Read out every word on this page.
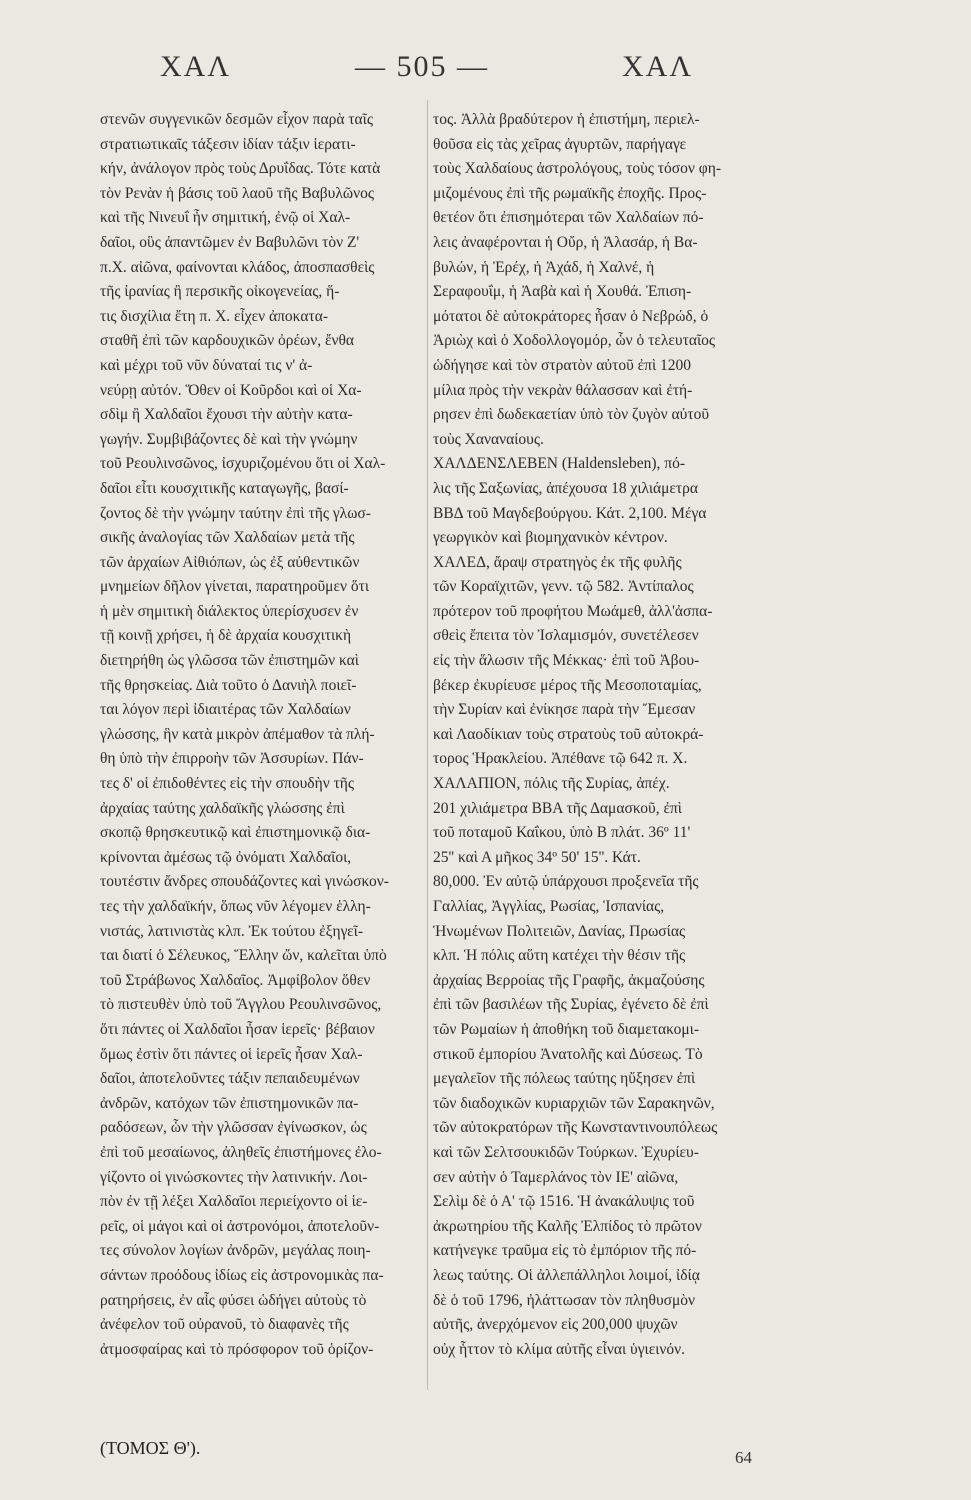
ΧΑΛ	— 505 —	ΧΑΛ
στενῶν συγγενικῶν δεσμῶν εἶχον παρὰ ταῖς
στρατιωτικαῖς τάξεσιν ἰδίαν τάξιν ἱερατι-
κήν, ἀνάλογον πρὸς τοὺς Δρυΐδας. Τότε κατὰ
τὸν Ρενὰν ἡ βάσις τοῦ λαοῦ τῆς Βαβυλῶνος
καὶ τῆς Νινευΐ ἦν σημιτική, ἐνῷ οἱ Χαλ-
δαῖοι, οὓς ἀπαντῶμεν ἐν Βαβυλῶνι τὸν Ζ'
π.Χ. αἰῶνα, φαίνονται κλάδος, ἀποσπασθεὶς
τῆς ἰρανίας ἢ περσικῆς οἰκογενείας, ἥ-
τις δισχίλια ἔτη π. Χ. εἶχεν ἀποκατα-
σταθῆ ἐπὶ τῶν καρδουχικῶν ὀρέων, ἔνθα
καὶ μέχρι τοῦ νῦν δύναταί τις ν' ἀ-
νεύρῃ αὐτόν. Ὅθεν οἱ Κοῦρδοι καὶ οἱ Χα-
σδὶμ ἢ Χαλδαῖοι ἔχουσι τὴν αὐτὴν κατα-
γωγήν. Συμβιβάζοντες δὲ καὶ τὴν γνώμην
τοῦ Ρεουλινσῶνος, ἰσχυριζομένου ὅτι οἱ Χαλ-
δαῖοι εἶτι κουσχιτικῆς καταγωγῆς, βασί-
ζοντος δὲ τὴν γνώμην ταύτην ἐπὶ τῆς γλωσ-
σικῆς ἀναλογίας τῶν Χαλδαίων μετὰ τῆς
τῶν ἀρχαίων Αἰθιόπων, ὡς ἐξ αὐθεντικῶν
μνημείων δῆλον γίνεται, παρατηροῦμεν ὅτι
ἡ μὲν σημιτικὴ διάλεκτος ὑπερίσχυσεν ἐν
τῇ κοινῇ χρήσει, ἡ δὲ ἀρχαία κουσχιτικὴ
διετηρήθη ὡς γλῶσσα τῶν ἐπιστημῶν καὶ
τῆς θρησκείας. Διὰ τοῦτο ὁ Δανιὴλ ποιεῖ-
ται λόγον περὶ ἰδιαιτέρας τῶν Χαλδαίων
γλώσσης, ἣν κατὰ μικρὸν ἀπέμαθον τὰ πλή-
θη ὑπὸ τὴν ἐπιρροὴν τῶν Ἀσσυρίων. Πάν-
τες δ' οἱ ἐπιδοθέντες εἰς τὴν σπουδὴν τῆς
ἀρχαίας ταύτης χαλδαϊκῆς γλώσσης ἐπὶ
σκοπῷ θρησκευτικῷ καὶ ἐπιστημονικῷ δια-
κρίνονται ἀμέσως τῷ ὀνόματι Χαλδαῖοι,
τουτέστιν ἄνδρες σπουδάζοντες καὶ γινώσκον-
τες τὴν χαλδαϊκήν, ὅπως νῦν λέγομεν ἑλλη-
νιστάς, λατινιστὰς κλπ. Ἐκ τούτου ἐξηγεῖ-
ται διατί ὁ Σέλευκος, Ἕλλην ὤν, καλεῖται ὑπὸ
τοῦ Στράβωνος Χαλδαῖος. Ἀμφίβολον ὅθεν
τὸ πιστευθὲν ὑπὸ τοῦ Ἄγγλου Ρεουλινσῶνος,
ὅτι πάντες οἱ Χαλδαῖοι ἦσαν ἱερεῖς· βέβαιον
ὅμως ἐστὶν ὅτι πάντες οἱ ἱερεῖς ἦσαν Χαλ-
δαῖοι, ἀποτελοῦντες τάξιν πεπαιδευμένων
ἀνδρῶν, κατόχων τῶν ἐπιστημονικῶν πα-
ραδόσεων, ὧν τὴν γλῶσσαν ἐγίνωσκον, ὡς
ἐπὶ τοῦ μεσαίωνος, ἀληθεῖς ἐπιστήμονες ἐλο-
γίζοντο οἱ γινώσκοντες τὴν λατινικήν. Λοι-
πὸν ἐν τῇ λέξει Χαλδαῖοι περιείχοντο οἱ ἱε-
ρεῖς, οἱ μάγοι καὶ οἱ ἀστρονόμοι, ἀποτελοῦν-
τες σύνολον λογίων ἀνδρῶν, μεγάλας ποιη-
σάντων προόδους ἰδίως εἰς ἀστρονομικὰς πα-
ρατηρήσεις, ἐν αἷς φύσει ὡδήγει αὐτοὺς τὸ
ἀνέφελον τοῦ οὐρανοῦ, τὸ διαφανὲς τῆς
ἀτμοσφαίρας καὶ τὸ πρόσφορον τοῦ ὁρίζον-
τος. Ἀλλὰ βραδύτερον ἡ ἐπιστήμη, περιελ-
θοῦσα εἰς τὰς χεῖρας ἀγυρτῶν, παρήγαγε
τοὺς Χαλδαίους ἀστρολόγους, τοὺς τόσον φη-
μιζομένους ἐπὶ τῆς ρωμαϊκῆς ἐποχῆς. Προς-
θετέον ὅτι ἐπισημότεραι τῶν Χαλδαίων πό-
λεις ἀναφέρονται ἡ Οὔρ, ἡ Ἀλασάρ, ἡ Βα-
βυλών, ἡ Ἐρέχ, ἡ Ἀχάδ, ἡ Χαλνέ, ἡ
Σεραφουΐμ, ἡ Ἀαβὰ καὶ ἡ Χουθά. Ἐπιση-
μότατοι δὲ αὐτοκράτορες ἦσαν ὁ Νεβρώδ, ὁ
Ἀριὼχ καὶ ὁ Χοδολλογομόρ, ὧν ὁ τελευταῖος
ὡδήγησε καὶ τὸν στρατὸν αὐτοῦ ἐπὶ 1200
μίλια πρὸς τὴν νεκρὰν θάλασσαν καὶ ἐτή-
ρησεν ἐπὶ δωδεκαετίαν ὑπὸ τὸν ζυγὸν αὐτοῦ
τοὺς Χαναναίους.
ΧΑΛΔΕΝΣΛΕΒΕΝ (Haldensleben), πό-
λις τῆς Σαξωνίας, ἀπέχουσα 18 χιλιάμετρα
ΒΒΔ τοῦ Μαγδεβούργου. Κάτ. 2,100. Μέγα
γεωργικὸν καὶ βιομηχανικὸν κέντρον.
ΧΑΛΕΔ, ἄραψ στρατηγὸς ἐκ τῆς φυλῆς
τῶν Κοραϊχιτῶν, γενν. τῷ 582. Ἀντίπαλος
πρότερον τοῦ προφήτου Μωάμεθ, ἀλλ'ἀσπα-
σθεὶς ἔπειτα τὸν Ἰσλαμισμόν, συνετέλεσεν
εἰς τὴν ἅλωσιν τῆς Μέκκας· ἐπὶ τοῦ Ἀβου-
βέκερ ἐκυρίευσε μέρος τῆς Μεσοποταμίας,
τὴν Συρίαν καὶ ἐνίκησε παρὰ τὴν Ἔμεσαν
καὶ Λαοδίκιαν τοὺς στρατοὺς τοῦ αὐτοκρά-
τορος Ἡρακλείου. Ἀπέθανε τῷ 642 π. Χ.
ΧΑΛΑΠΙΟΝ, πόλις τῆς Συρίας, ἀπέχ.
201 χιλιάμετρα ΒΒΑ τῆς Δαμασκοῦ, ἐπὶ
τοῦ ποταμοῦ Καΐκου, ὑπὸ Β πλάτ. 36º 11'
25'' καὶ Α μῆκος 34º 50' 15''. Κάτ.
80,000. Ἐν αὐτῷ ὑπάρχουσι προξενεῖα τῆς
Γαλλίας, Ἀγγλίας, Ρωσίας, Ἱσπανίας,
Ἡνωμένων Πολιτειῶν, Δανίας, Πρωσίας
κλπ. Ἡ πόλις αὕτη κατέχει τὴν θέσιν τῆς
ἀρχαίας Βερροίας τῆς Γραφῆς, ἀκμαζούσης
ἐπὶ τῶν βασιλέων τῆς Συρίας, ἐγένετο δὲ ἐπὶ
τῶν Ρωμαίων ἡ ἀποθήκη τοῦ διαμετακομι-
στικοῦ ἐμπορίου Ἀνατολῆς καὶ Δύσεως. Τὸ
μεγαλεῖον τῆς πόλεως ταύτης ηὔξησεν ἐπὶ
τῶν διαδοχικῶν κυριαρχιῶν τῶν Σαρακηνῶν,
τῶν αὐτοκρατόρων τῆς Κωνσταντινουπόλεως
καὶ τῶν Σελτσουκιδῶν Τούρκων. Ἐχυρίευ-
σεν αὐτὴν ὁ Ταμερλάνος τὸν ΙΕ' αἰῶνα,
Σελὶμ δὲ ὁ Α' τῷ 1516. Ἡ ἀνακάλυψις τοῦ
ἀκρωτηρίου τῆς Καλῆς Ἐλπίδος τὸ πρῶτον
κατήνεγκε τραῦμα εἰς τὸ ἐμπόριον τῆς πό-
λεως ταύτης. Οἱ ἀλλεπάλληλοι λοιμοί, ἰδίᾳ
δὲ ὁ τοῦ 1796, ἠλάττωσαν τὸν πληθυσμὸν
αὐτῆς, ἀνερχόμενον εἰς 200,000 ψυχῶν
οὐχ ἧττον τὸ κλίμα αὐτῆς εἶναι ὑγιεινόν.
(ΤΟΜΟΣ Θ').	64
